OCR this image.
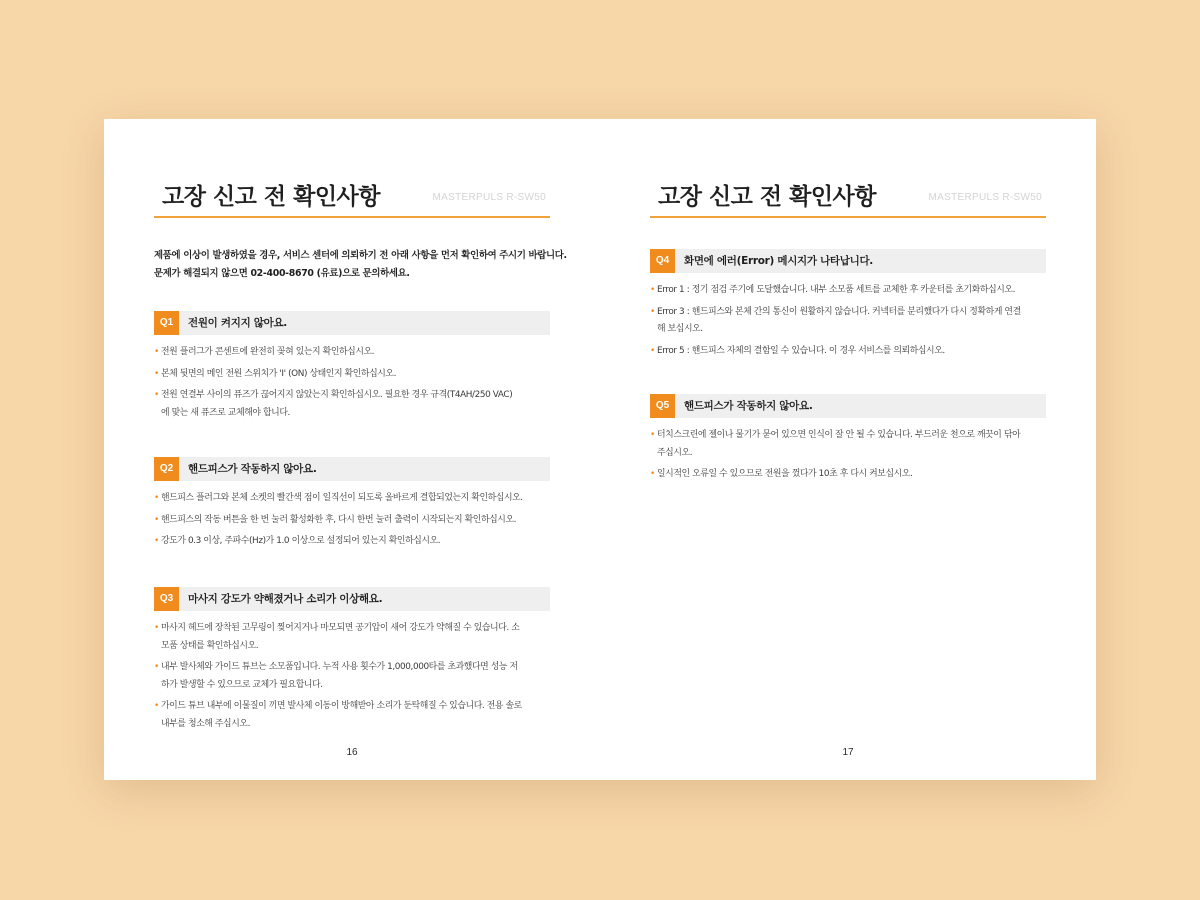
고장 신고 전 확인사항	MASTERPULS R-SW50
제품에 이상이 발생하였을 경우, 서비스 센터에 의뢰하기 전 아래 사항을 먼저 확인하여 주시기 바랍니다.
문제가 해결되지 않으면 02-400-8670 (유료)으로 문의하세요.
Q1	전원이 켜지지 않아요.
• 전원 플러그가 콘센트에 완전히 꽂혀 있는지 확인하십시오.
• 본체 뒷면의 메인 전원 스위치가 'I' (ON) 상태인지 확인하십시오.
• 전원 연결부 사이의 퓨즈가 끊어지지 않았는지 확인하십시오. 필요한 경우 규격(T4AH/250 VAC)
에 맞는 새 퓨즈로 교체해야 합니다.
Q2	핸드피스가 작동하지 않아요.
• 핸드피스 플러그와 본체 소켓의 빨간색 점이 일직선이 되도록 올바르게 결합되었는지 확인하십시오.
• 핸드피스의 작동 버튼을 한 번 눌러 활성화한 후, 다시 한번 눌러 출력이 시작되는지 확인하십시오.
• 강도가 0.3 이상, 주파수(Hz)가 1.0 이상으로 설정되어 있는지 확인하십시오.
Q3	마사지 강도가 약해졌거나 소리가 이상해요.
• 마사지 헤드에 장착된 고무링이 찢어지거나 마모되면 공기압이 새어 강도가 약해질 수 있습니다. 소
모품 상태를 확인하십시오.
• 내부 발사체와 가이드 튜브는 소모품입니다. 누적 사용 횟수가 1,000,000타를 초과했다면 성능 저
하가 발생할 수 있으므로 교체가 필요합니다.
• 가이드 튜브 내부에 이물질이 끼면 발사체 이동이 방해받아 소리가 둔탁해질 수 있습니다. 전용 솔로
내부를 청소해 주십시오.
16
고장 신고 전 확인사항	MASTERPULS R-SW50
Q4	화면에 에러(Error) 메시지가 나타납니다.
• Error 1 : 정기 점검 주기에 도달했습니다. 내부 소모품 세트를 교체한 후 카운터를 초기화하십시오.
• Error 3 : 핸드피스와 본체 간의 통신이 원활하지 않습니다. 커넥터를 분리했다가 다시 정확하게 연결
해 보십시오.
• Error 5 : 핸드피스 자체의 결함일 수 있습니다. 이 경우 서비스를 의뢰하십시오.
Q5	핸드피스가 작동하지 않아요.
• 터치스크린에 젤이나 물기가 묻어 있으면 인식이 잘 안 될 수 있습니다. 부드러운 천으로 깨끗이 닦아
주십시오.
• 일시적인 오류일 수 있으므로 전원을 껐다가 10초 후 다시 켜보십시오.
17
